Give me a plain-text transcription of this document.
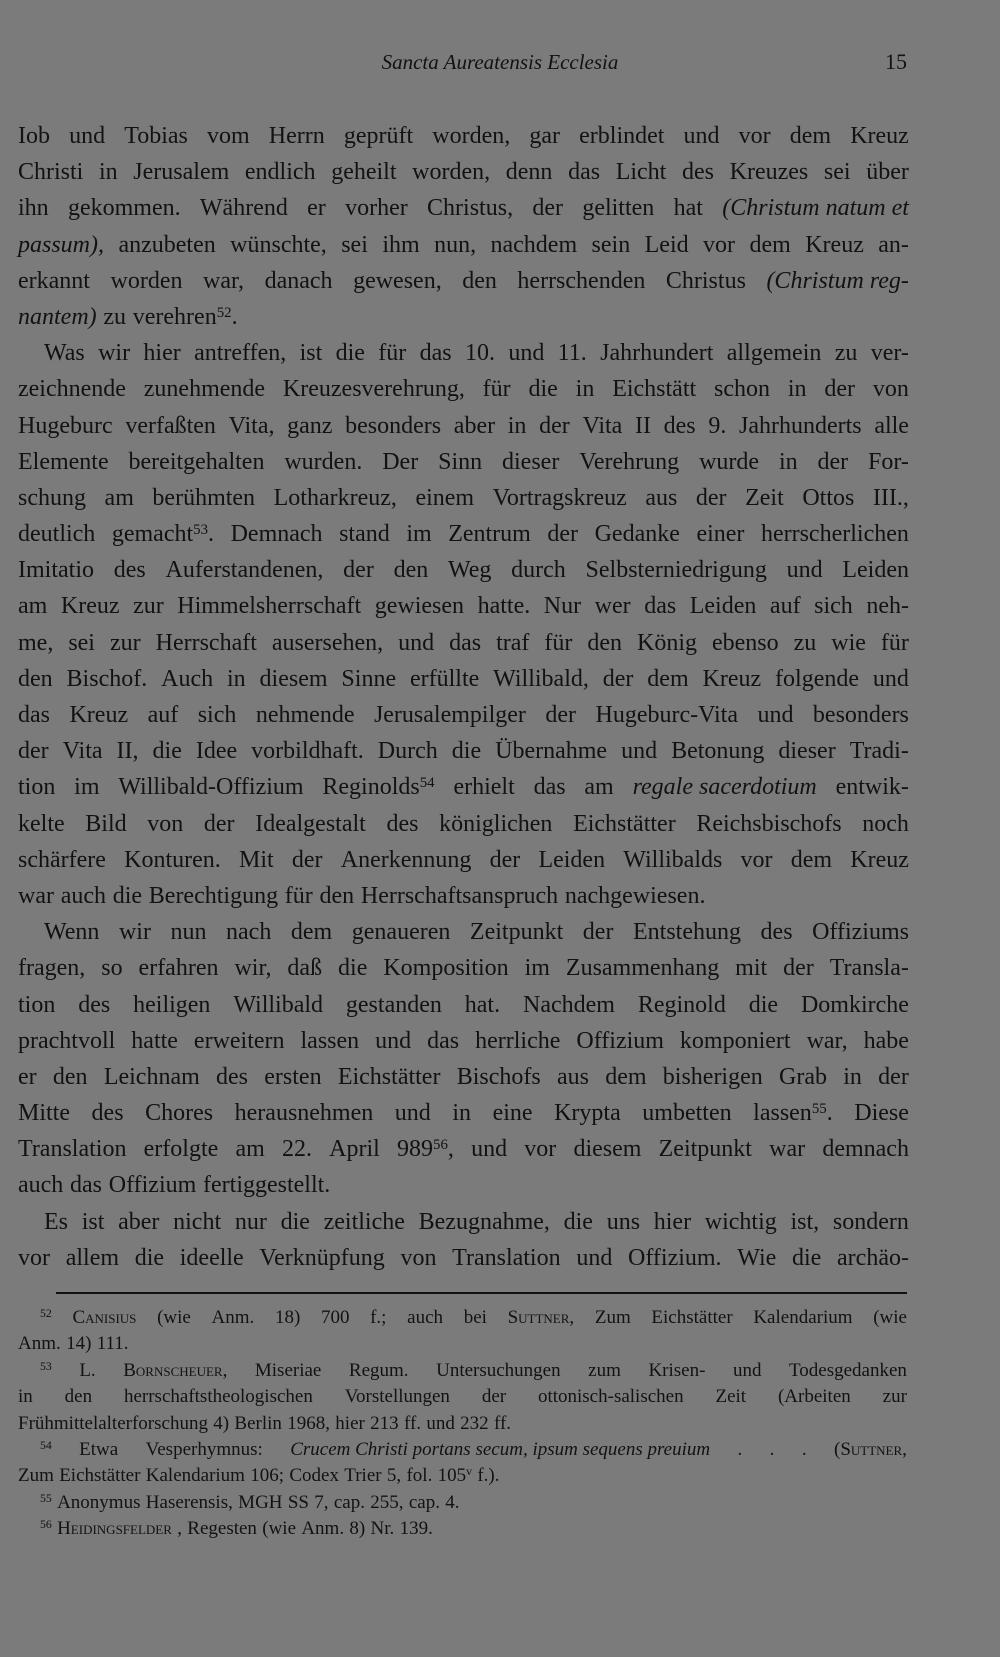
Sancta Aureatensis Ecclesia	15
Iob und Tobias vom Herrn geprüft worden, gar erblindet und vor dem Kreuz
Christi in Jerusalem endlich geheilt worden, denn das Licht des Kreuzes sei über
ihn gekommen. Während er vorher Christus, der gelitten hat (Christum natum et
passum), anzubeten wünschte, sei ihm nun, nachdem sein Leid vor dem Kreuz an-
erkannt worden war, danach gewesen, den herrschenden Christus (Christum reg-
nantem) zu verehren$^{52}$.
Was wir hier antreffen, ist die für das 10. und 11. Jahrhundert allgemein zu ver-
zeichnende zunehmende Kreuzesverehrung, für die in Eichstätt schon in der von
Hugeburc verfaßten Vita, ganz besonders aber in der Vita II des 9. Jahrhunderts alle
Elemente bereitgehalten wurden. Der Sinn dieser Verehrung wurde in der For-
schung am berühmten Lotharkreuz, einem Vortragskreuz aus der Zeit Ottos III.,
deutlich gemacht$^{53}$. Demnach stand im Zentrum der Gedanke einer herrscherlichen
Imitatio des Auferstandenen, der den Weg durch Selbsterniedrigung und Leiden
am Kreuz zur Himmelsherrschaft gewiesen hatte. Nur wer das Leiden auf sich neh-
me, sei zur Herrschaft ausersehen, und das traf für den König ebenso zu wie für
den Bischof. Auch in diesem Sinne erfüllte Willibald, der dem Kreuz folgende und
das Kreuz auf sich nehmende Jerusalempilger der Hugeburc-Vita und besonders
der Vita II, die Idee vorbildhaft. Durch die Übernahme und Betonung dieser Tradi-
tion im Willibald-Offizium Reginolds$^{54}$ erhielt das am regale sacerdotium entwik-
kelte Bild von der Idealgestalt des königlichen Eichstätter Reichsbischofs noch
schärfere Konturen. Mit der Anerkennung der Leiden Willibalds vor dem Kreuz
war auch die Berechtigung für den Herrschaftsanspruch nachgewiesen.
Wenn wir nun nach dem genaueren Zeitpunkt der Entstehung des Offiziums
fragen, so erfahren wir, daß die Komposition im Zusammenhang mit der Transla-
tion des heiligen Willibald gestanden hat. Nachdem Reginold die Domkirche
prachtvoll hatte erweitern lassen und das herrliche Offizium komponiert war, habe
er den Leichnam des ersten Eichstätter Bischofs aus dem bisherigen Grab in der
Mitte des Chores herausnehmen und in eine Krypta umbetten lassen$^{55}$. Diese
Translation erfolgte am 22. April $989^{56}$, und vor diesem Zeitpunkt war demnach
auch das Offizium fertiggestellt.
Es ist aber nicht nur die zeitliche Bezugnahme, die uns hier wichtig ist, sondern
vor allem die ideelle Verknüpfung von Translation und Offizium. Wie die archäo-
$^{52}$ Canisius (wie Anm. 18) 700 f.; auch bei Suttner, Zum Eichstätter Kalendarium (wie
Anm. 14) 111.
$^{53}$ L. Bornscheuer, Miseriae Regum. Untersuchungen zum Krisen- und Todesgedanken
in den herrschaftstheologischen Vorstellungen der ottonisch-salischen Zeit (Arbeiten zur
Frühmittelalterforschung 4) Berlin 1968, hier 213 ff. und 232 ff.
$^{54}$ Etwa Vesperhymnus: Crucem Christi portans secum, ipsum sequens preuium . . . (Suttner,
Zum Eichstätter Kalendarium 106; Codex Trier 5, fol. 105$^v$ f.).
$^{55}$ Anonymus Haserensis, MGH SS 7, cap. 255, cap. 4.
$^{56}$ Heidingsfelder , Regesten (wie Anm. 8) Nr. 139.
